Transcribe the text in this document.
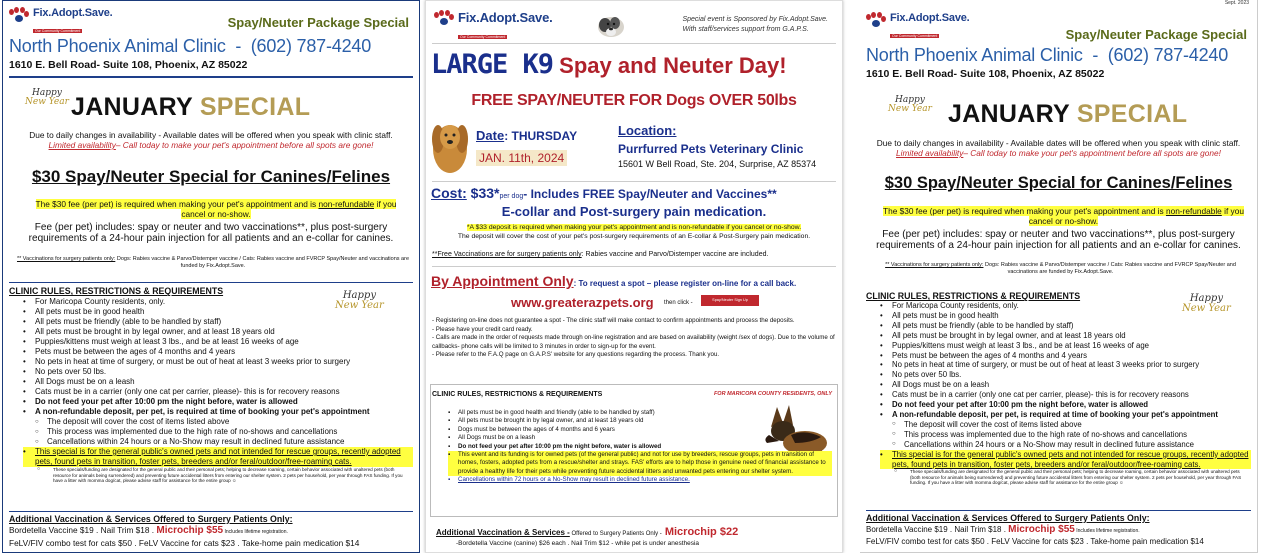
Fix.Adopt.Save.
Our Community Commitment
Spay/Neuter Package Special
North Phoenix Animal Clinic - (602) 787-4240
1610 E. Bell Road- Suite 108, Phoenix, AZ 85022
Happy
New Year JANUARY SPECIAL
Due to daily changes in availability - Available dates will be offered when you speak with clinic staff.
Limited availability– Call today to make your pet's appointment before all spots are gone!
$30 Spay/Neuter Special for Canines/Felines
The $30 fee (per pet) is required when making your pet's appointment and is non-refundable if you cancel or no-show.
Fee (per pet) includes: spay or neuter and two vaccinations**, plus post-surgery requirements of a 24-hour pain injection for all patients and an e-collar for canines.
** Vaccinations for surgery patients only: Dogs: Rabies vaccine & Parvo/Distemper vaccine / Cats: Rabies vaccine and FVRCP Spay/Neuter and vaccinations are funded by Fix.Adopt.Save.
CLINIC RULES, RESTRICTIONS & REQUIREMENTS	Happy
New Year
• For Maricopa County residents, only.
• All pets must be in good health
• All pets must be friendly (able to be handled by staff)
• All pets must be brought in by legal owner, and at least 18 years old
• Puppies/kittens must weigh at least 3 lbs., and be at least 16 weeks of age
• Pets must be between the ages of 4 months and 4 years
• No pets in heat at time of surgery, or must be out of heat at least 3 weeks prior to surgery
• No pets over 50 lbs.
• All Dogs must be on a leash
• Cats must be in a carrier (only one cat per carrier, please)- this is for recovery reasons
• Do not feed your pet after 10:00 pm the night before, water is allowed
• A non-refundable deposit, per pet, is required at time of booking your pet's appointment
○ The deposit will cover the cost of items listed above
○ This process was implemented due to the high rate of no-shows and cancellations
○ Cancellations within 24 hours or a No-Show may result in declined future assistance
• This special is for the general public's owned pets and not intended for rescue groups, recently adopted pets, found pets in transition, foster pets, breeders and/or feral/outdoor/free-roaming cats.
○ These specials/funding are designated for the general public and their personal pets; helping to decrease roaming, certain behavior associated with unaltered pets (both resource for animals being surrendered) and preventing future accidental litters from entering our shelter system. 2 pets per household, per year through FAS funding. If you have a litter with momma dog/cat, please advise staff for assistance for the entire group ☺
Additional Vaccination & Services Offered to Surgery Patients Only:
Bordetella Vaccine $19 . Nail Trim $18 . Microchip $55 Includes lifetime registration.
FeLV/FIV combo test for cats $50 . FeLV Vaccine for cats $23 . Take-home pain medication $14
Fix.Adopt.Save.
Our Community Commitment
Special event is Sponsored by Fix.Adopt.Save.
With staff/services support from G.A.P.S.
LARGE K9 Spay and Neuter Day!
FREE SPAY/NEUTER FOR Dogs OVER 50lbs
Date: THURSDAY
JAN. 11th, 2024
Location:
Purrfurred Pets Veterinary Clinic
15601 W Bell Road, Ste. 204, Surprise, AZ 85374
Cost: $33*per dog- Includes FREE Spay/Neuter and Vaccines**
E-collar and Post-surgery pain medication.
*A $33 deposit is required when making your pet's appointment and is non-refundable if you cancel or no-show.
The deposit will cover the cost of your pet's post-surgery requirements of an E-collar & Post-Surgery pain medication.
**Free Vaccinations are for surgery patients only: Rabies vaccine and Parvo/Distemper vaccine are included.
By Appointment Only: To request a spot – please register on-line for a call back.
www.greaterazpets.org then click -	Spay/Neuter Sign Up
- Registering on-line does not guarantee a spot - The clinic staff will make contact to confirm appointments and process the deposits.
- Please have your credit card ready.
- Calls are made in the order of requests made through on-line registration and are based on availability (weight /sex of dogs). Due to the volume of callbacks- phone calls will be limited to 3 minutes in order to sign-up for the event.
- Please refer to the F.A.Q page on G.A.P.S' website for any questions regarding the process. Thank you.
CLINIC RULES, RESTRICTIONS & REQUIREMENTS	FOR MARICOPA COUNTY RESIDENTS, ONLY
▪ All pets must be in good health and friendly (able to be handled by staff)
▪ All pets must be brought in by legal owner, and at least 18 years old
▪ Dogs must be between the ages of 4 months and 6 years
▪ All Dogs must be on a leash
▪ Do not feed your pet after 10:00 pm the night before, water is allowed
▪ This event and its funding is for owned pets (of the general public) and not for use by breeders, rescue groups, pets in transition of homes, fosters, adopted pets from a rescue/shelter and strays. FAS' efforts are to help those in genuine need of financial assistance to provide a healthy life for their pets while preventing future accidental litters and unwanted pets entering our shelter system.
▪ Cancellations within 72 hours or a No-Show may result in declined future assistance.
Additional Vaccination & Services - Offered to Surgery Patients Only - Microchip $22
-Bordetella Vaccine (canine) $26 each . Nail Trim $12 - while pet is under anesthesia
Sept. 2023
Fix.Adopt.Save.
Our Community Commitment	Spay/Neuter Package Special
North Phoenix Animal Clinic - (602) 787-4240
1610 E. Bell Road- Suite 108, Phoenix, AZ 85022
Happy
New Year JANUARY SPECIAL
Due to daily changes in availability - Available dates will be offered when you speak with clinic staff.
Limited availability– Call today to make your pet's appointment before all spots are gone!
$30 Spay/Neuter Special for Canines/Felines
The $30 fee (per pet) is required when making your pet's appointment and is non-refundable if you cancel or no-show.
Fee (per pet) includes: spay or neuter and two vaccinations**, plus post-surgery requirements of a 24-hour pain injection for all patients and an e-collar for canines.
** Vaccinations for surgery patients only: Dogs: Rabies vaccine & Parvo/Distemper vaccine / Cats: Rabies vaccine and FVRCP Spay/Neuter and vaccinations are funded by Fix.Adopt.Save.
CLINIC RULES, RESTRICTIONS & REQUIREMENTS	Happy
New Year
• For Maricopa County residents, only.
• All pets must be in good health
• All pets must be friendly (able to be handled by staff)
• All pets must be brought in by legal owner, and at least 18 years old
• Puppies/kittens must weigh at least 3 lbs., and be at least 16 weeks of age
• Pets must be between the ages of 4 months and 4 years
• No pets in heat at time of surgery, or must be out of heat at least 3 weeks prior to surgery
• No pets over 50 lbs.
• All Dogs must be on a leash
• Cats must be in a carrier (only one cat per carrier, please)- this is for recovery reasons
• Do not feed your pet after 10:00 pm the night before, water is allowed
• A non-refundable deposit, per pet, is required at time of booking your pet's appointment
○ The deposit will cover the cost of items listed above
○ This process was implemented due to the high rate of no-shows and cancellations
○ Cancellations within 24 hours or a No-Show may result in declined future assistance
• This special is for the general public's owned pets and not intended for rescue groups, recently adopted pets, found pets in transition, foster pets, breeders and/or feral/outdoor/free-roaming cats.
○ These specials/funding are designated for the general public and their personal pets; helping to decrease roaming, certain behavior associated with unaltered pets (both resource for animals being surrendered) and preventing future accidental litters from entering our shelter system. 2 pets per household, per year through FAS funding. If you have a litter with momma dog/cat, please advise staff for assistance for the entire group ☺
Additional Vaccination & Services Offered to Surgery Patients Only:
Bordetella Vaccine $19 . Nail Trim $18 . Microchip $55 Includes lifetime registration.
FeLV/FIV combo test for cats $50 . FeLV Vaccine for cats $23 . Take-home pain medication $14
